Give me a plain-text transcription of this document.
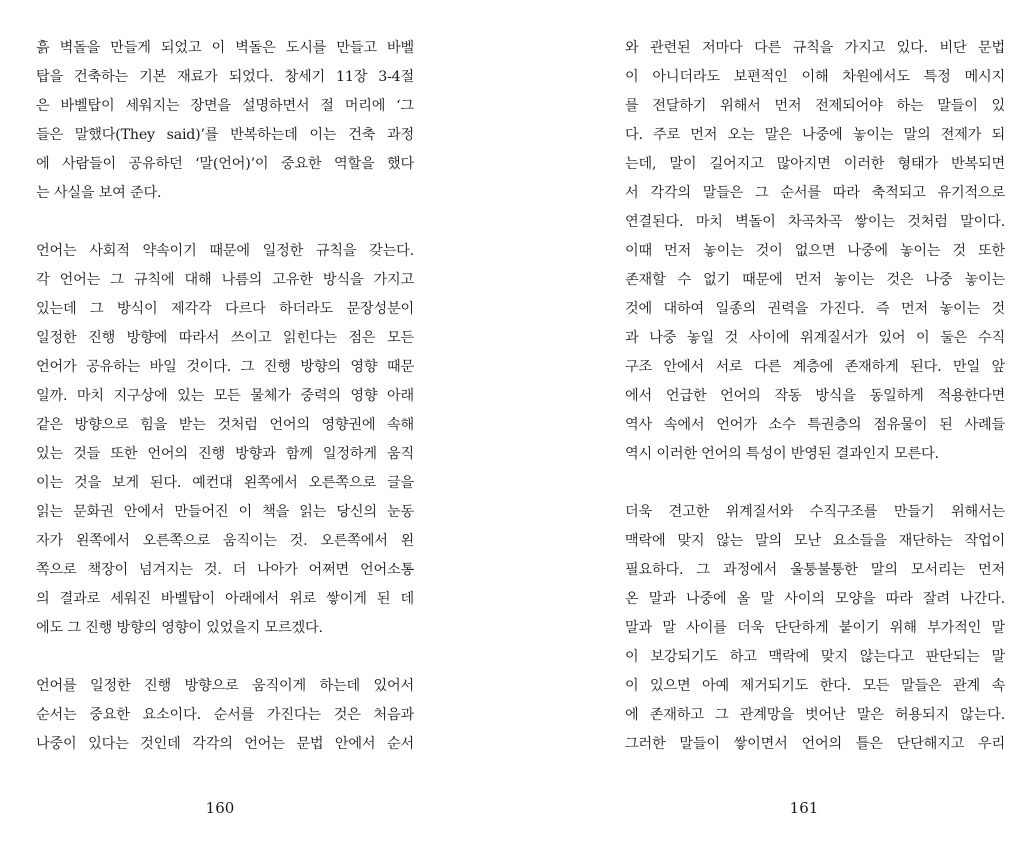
흙 벽돌을 만들게 되었고 이 벽돌은 도시를 만들고 바벨
탑을 건축하는 기본 재료가 되었다. 창세기 11장 3-4절
은 바벨탑이 세워지는 장면을 설명하면서 절 머리에 ‘그
들은 말했다(They said)’를 반복하는데 이는 건축 과정
에 사람들이 공유하던 ‘말(언어)’이 중요한 역할을 했다
는 사실을 보여 준다.
언어는 사회적 약속이기 때문에 일정한 규칙을 갖는다.
각 언어는 그 규칙에 대해 나름의 고유한 방식을 가지고
있는데 그 방식이 제각각 다르다 하더라도 문장성분이
일정한 진행 방향에 따라서 쓰이고 읽힌다는 점은 모든
언어가 공유하는 바일 것이다. 그 진행 방향의 영향 때문
일까. 마치 지구상에 있는 모든 물체가 중력의 영향 아래
같은 방향으로 힘을 받는 것처럼 언어의 영향권에 속해
있는 것들 또한 언어의 진행 방향과 함께 일정하게 움직
이는 것을 보게 된다. 예컨대 왼쪽에서 오른쪽으로 글을
읽는 문화권 안에서 만들어진 이 책을 읽는 당신의 눈동
자가 왼쪽에서 오른쪽으로 움직이는 것. 오른쪽에서 왼
쪽으로 책장이 넘겨지는 것. 더 나아가 어쩌면 언어소통
의 결과로 세워진 바벨탑이 아래에서 위로 쌓이게 된 데
에도 그 진행 방향의 영향이 있었을지 모르겠다.
언어를 일정한 진행 방향으로 움직이게 하는데 있어서
순서는 중요한 요소이다. 순서를 가진다는 것은 처음과
나중이 있다는 것인데 각각의 언어는 문법 안에서 순서
160
와 관련된 저마다 다른 규칙을 가지고 있다. 비단 문법
이 아니더라도 보편적인 이해 차원에서도 특정 메시지
를 전달하기 위해서 먼저 전제되어야 하는 말들이 있
다. 주로 먼저 오는 말은 나중에 놓이는 말의 전제가 되
는데, 말이 길어지고 많아지면 이러한 형태가 반복되면
서 각각의 말들은 그 순서를 따라 축적되고 유기적으로
연결된다. 마치 벽돌이 차곡차곡 쌓이는 것처럼 말이다.
이때 먼저 놓이는 것이 없으면 나중에 놓이는 것 또한
존재할 수 없기 때문에 먼저 놓이는 것은 나중 놓이는
것에 대하여 일종의 권력을 가진다. 즉 먼저 놓이는 것
과 나중 놓일 것 사이에 위계질서가 있어 이 둘은 수직
구조 안에서 서로 다른 계층에 존재하게 된다. 만일 앞
에서 언급한 언어의 작동 방식을 동일하게 적용한다면
역사 속에서 언어가 소수 특권층의 점유물이 된 사례들
역시 이러한 언어의 특성이 반영된 결과인지 모른다.
더욱 견고한 위계질서와 수직구조를 만들기 위해서는
맥락에 맞지 않는 말의 모난 요소들을 재단하는 작업이
필요하다. 그 과정에서 울퉁불퉁한 말의 모서리는 먼저
온 말과 나중에 올 말 사이의 모양을 따라 잘려 나간다.
말과 말 사이를 더욱 단단하게 붙이기 위해 부가적인 말
이 보강되기도 하고 맥락에 맞지 않는다고 판단되는 말
이 있으면 아예 제거되기도 한다. 모든 말들은 관계 속
에 존재하고 그 관계망을 벗어난 말은 허용되지 않는다.
그러한 말들이 쌓이면서 언어의 틀은 단단해지고 우리
161
